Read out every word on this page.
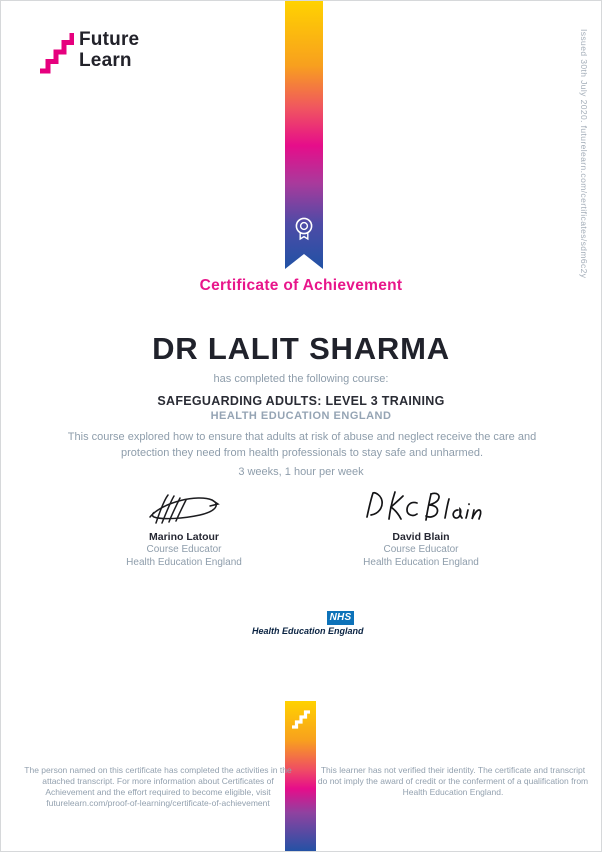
Future
Learn	Issued 30th July 2020. futurelearn.com/certificates/sdm6c2y
Certificate of Achievement
DR LALIT SHARMA
has completed the following course:
SAFEGUARDING ADULTS: LEVEL 3 TRAINING
HEALTH EDUCATION ENGLAND
This course explored how to ensure that adults at risk of abuse and neglect receive the care and protection they need from health professionals to stay safe and unharmed.
3 weeks, 1 hour per week
Marino Latour
Course Educator
Health Education England
David Blain
Course Educator
Health Education England
NHS
Health Education England
The person named on this certificate has completed the activities in the attached transcript. For more information about Certificates of Achievement and the effort required to become eligible, visit futurelearn.com/proof-of-learning/certificate-of-achievement
This learner has not verified their identity. The certificate and transcript do not imply the award of credit or the conferment of a qualification from Health Education England.
